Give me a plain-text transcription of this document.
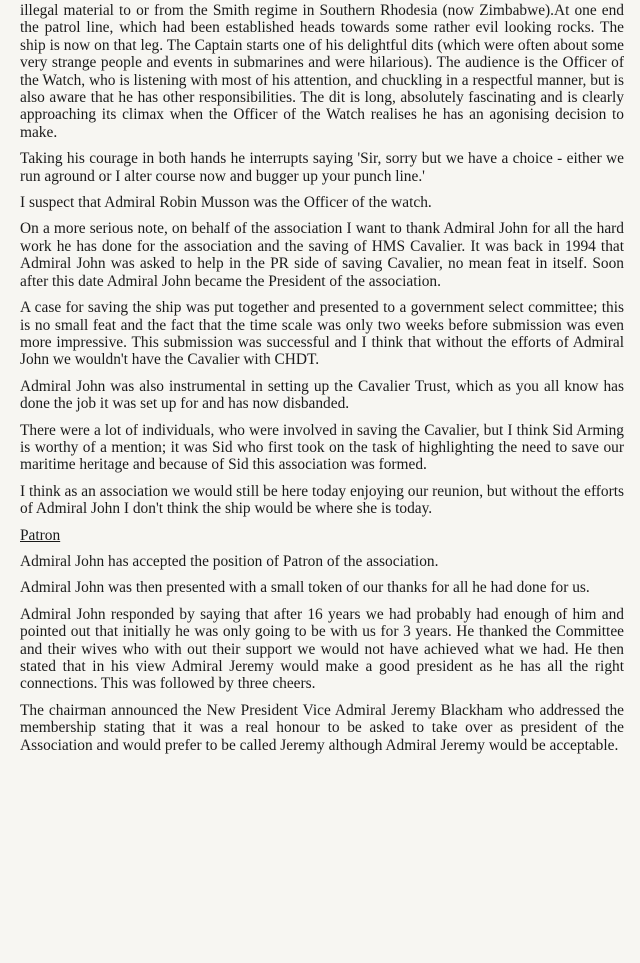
illegal material to or from the Smith regime in Southern Rhodesia (now Zimbabwe).At one end the patrol line, which had been established heads towards some rather evil looking rocks. The ship is now on that leg. The Captain starts one of his delightful dits (which were often about some very strange people and events in submarines and were hilarious). The audience is the Officer of the Watch, who is listening with most of his attention, and chuckling in a respectful manner, but is also aware that he has other responsibilities. The dit is long, absolutely fascinating and is clearly approaching its climax when the Officer of the Watch realises he has an agonising decision to make.

Taking his courage in both hands he interrupts saying 'Sir, sorry but we have a choice - either we run aground or I alter course now and bugger up your punch line.'

I suspect that Admiral Robin Musson was the Officer of the watch.

On a more serious note, on behalf of the association I want to thank Admiral John for all the hard work he has done for the association and the saving of HMS Cavalier. It was back in 1994 that Admiral John was asked to help in the PR side of saving Cavalier, no mean feat in itself. Soon after this date Admiral John became the President of the association.

A case for saving the ship was put together and presented to a government select committee; this is no small feat and the fact that the time scale was only two weeks before submission was even more impressive. This submission was successful and I think that without the efforts of Admiral John we wouldn't have the Cavalier with CHDT.

Admiral John was also instrumental in setting up the Cavalier Trust, which as you all know has done the job it was set up for and has now disbanded.

There were a lot of individuals, who were involved in saving the Cavalier, but I think Sid Arming is worthy of a mention; it was Sid who first took on the task of highlighting the need to save our maritime heritage and because of Sid this association was formed.

I think as an association we would still be here today enjoying our reunion, but without the efforts of Admiral John I don't think the ship would be where she is today.

Patron

Admiral John has accepted the position of Patron of the association.

Admiral John was then presented with a small token of our thanks for all he had done for us.

Admiral John responded by saying that after 16 years we had probably had enough of him and pointed out that initially he was only going to be with us for 3 years. He thanked the Committee and their wives who with out their support we would not have achieved what we had. He then stated that in his view Admiral Jeremy would make a good president as he has all the right connections. This was followed by three cheers.

The chairman announced the New President Vice Admiral Jeremy Blackham who addressed the membership stating that it was a real honour to be asked to take over as president of the Association and would prefer to be called Jeremy although Admiral Jeremy would be acceptable.
